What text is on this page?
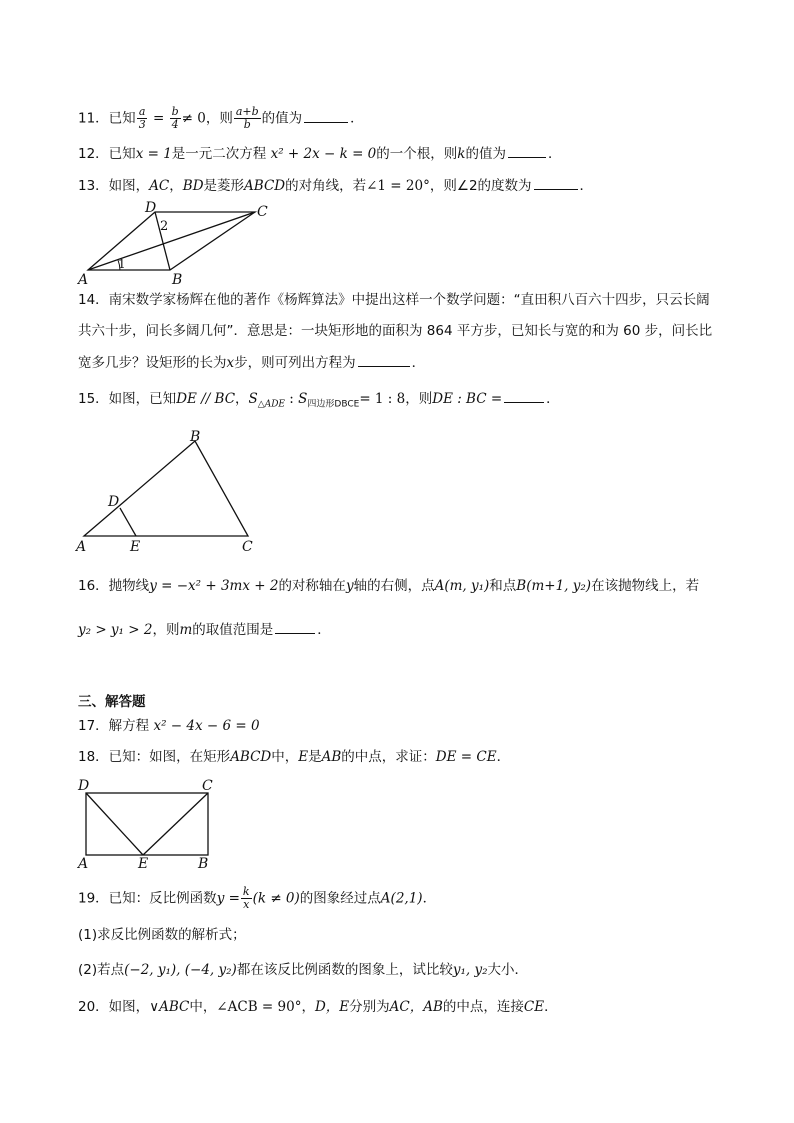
11．已知 $\frac{a}{3} = \frac{b}{4} \ne 0$，则 $\frac{a+b}{b}$ 的值为	．
12．已知x = 1是一元二次方程 x² + 2x − k = 0的一个根，则k的值为	．
13．如图，AC，BD是菱形ABCD的对角线，若∠1 = 20°，则∠2的度数为	．
A	B
C
D
1
2
14．南宋数学家杨辉在他的著作《杨辉算法》中提出这样一个数学问题：“直田积八百六十四步，只云长阔
共六十步，问长多阔几何”．意思是：一块矩形地的面积为 864 平方步，已知长与宽的和为 60 步，问长比
宽多几步？设矩形的长为x步，则可列出方程为	．
15．如图，已知DE // BC，$S_{\triangle ADE}$ : $S_{四边形DBCE}= 1$ : 8，则DE : BC =	．
A
B
C
D
E
16．抛物线y = −x² + 3mx + 2的对称轴在y轴的右侧，点A(m, y₁)和点B(m+1, y₂)在该抛物线上，若
y₂ > y₁ > 2，则m的取值范围是	．
三、解答题
17．解方程 x² − 4x − 6 = 0
18．已知：如图，在矩形ABCD中，E是AB的中点，求证：DE = CE．
D	C
A	E	B
19．已知：反比例函数$y = \frac{k}{x} (k \ne 0)$的图象经过点A(2,1)．
(1)求反比例函数的解析式；
(2)若点(−2, y₁), (−4, y₂)都在该反比例函数的图象上，试比较y₁, y₂大小．
20．如图，∨ABC中，∠ACB = 90°，D，E分别为AC，AB的中点，连接CE．
